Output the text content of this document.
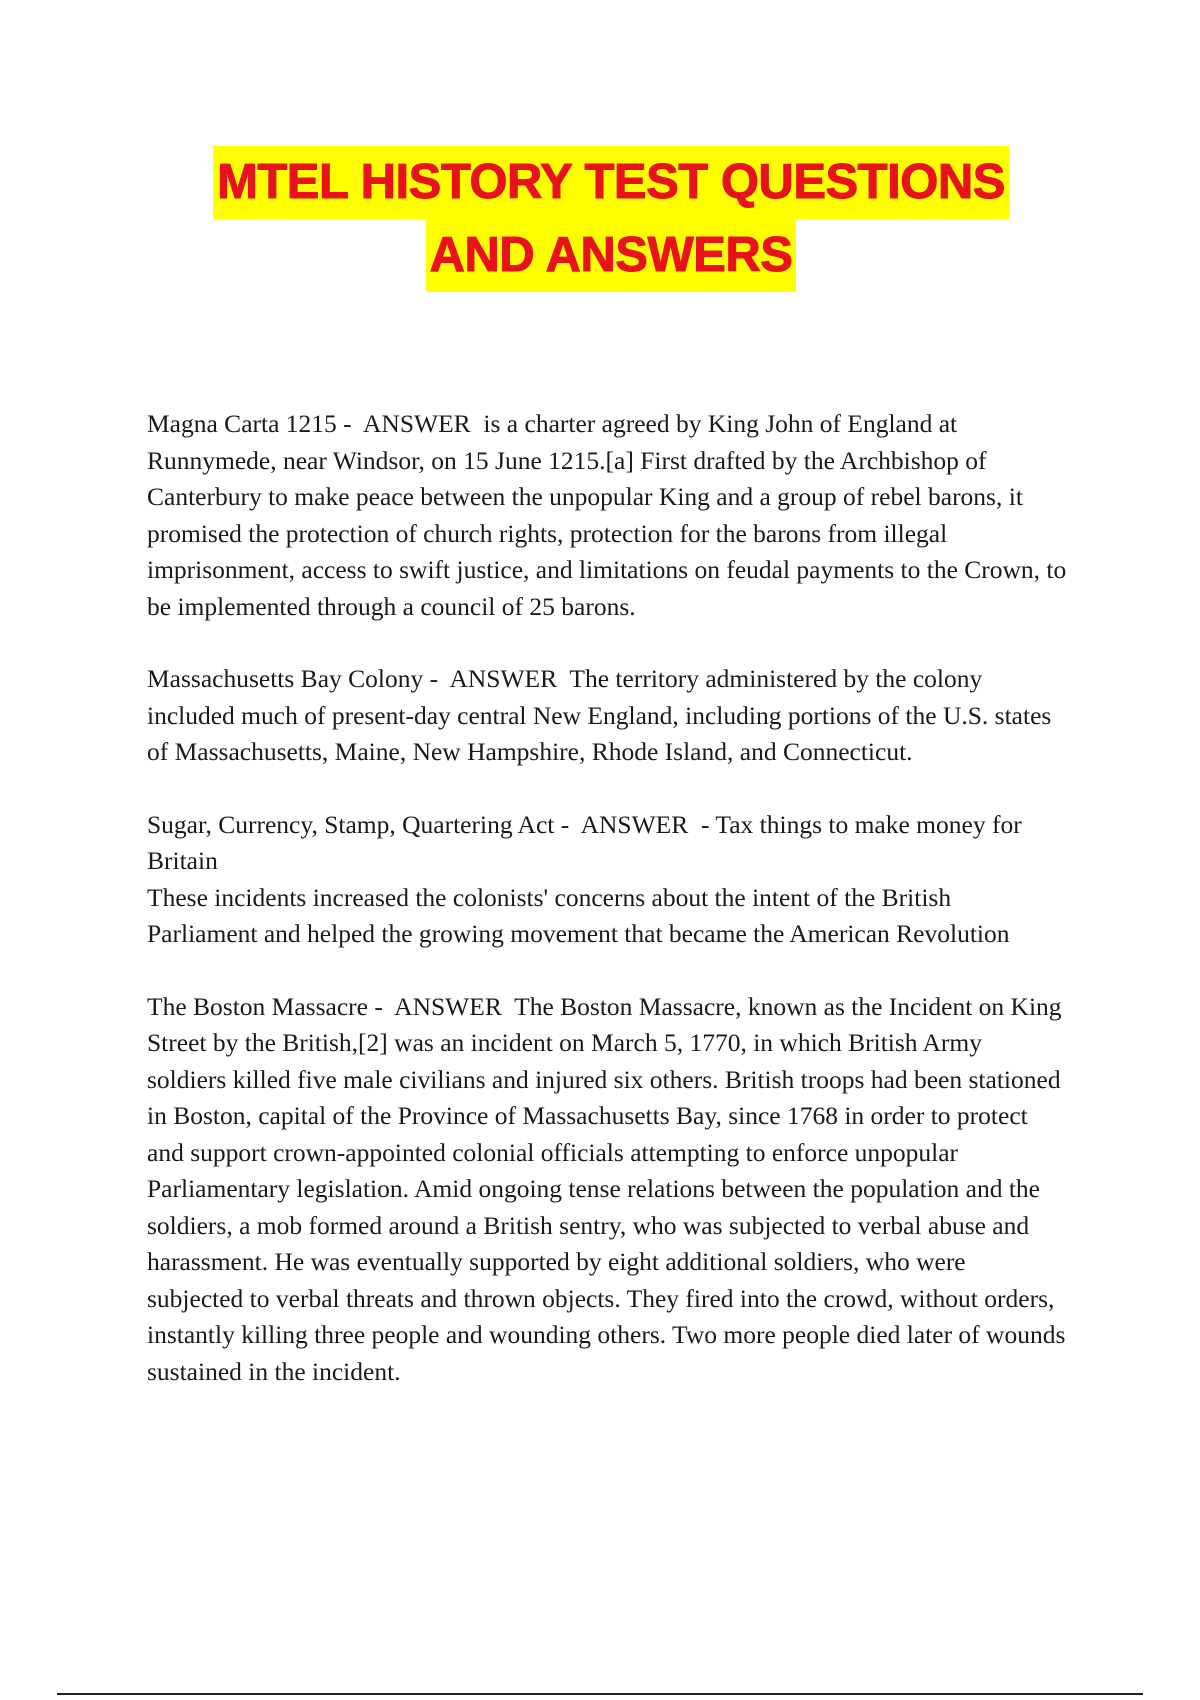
MTEL HISTORY TEST QUESTIONS
AND ANSWERS

Magna Carta 1215 -  ANSWER  is a charter agreed by King John of England at Runnymede, near Windsor, on 15 June 1215.[a] First drafted by the Archbishop of Canterbury to make peace between the unpopular King and a group of rebel barons, it promised the protection of church rights, protection for the barons from illegal imprisonment, access to swift justice, and limitations on feudal payments to the Crown, to be implemented through a council of 25 barons.

Massachusetts Bay Colony -  ANSWER  The territory administered by the colony included much of present-day central New England, including portions of the U.S. states of Massachusetts, Maine, New Hampshire, Rhode Island, and Connecticut.

Sugar, Currency, Stamp, Quartering Act -  ANSWER  - Tax things to make money for Britain

These incidents increased the colonists' concerns about the intent of the British Parliament and helped the growing movement that became the American Revolution

The Boston Massacre -  ANSWER  The Boston Massacre, known as the Incident on King Street by the British,[2] was an incident on March 5, 1770, in which British Army soldiers killed five male civilians and injured six others. British troops had been stationed in Boston, capital of the Province of Massachusetts Bay, since 1768 in order to protect and support crown-appointed colonial officials attempting to enforce unpopular Parliamentary legislation. Amid ongoing tense relations between the population and the soldiers, a mob formed around a British sentry, who was subjected to verbal abuse and harassment. He was eventually supported by eight additional soldiers, who were subjected to verbal threats and thrown objects. They fired into the crowd, without orders, instantly killing three people and wounding others. Two more people died later of wounds sustained in the incident.
